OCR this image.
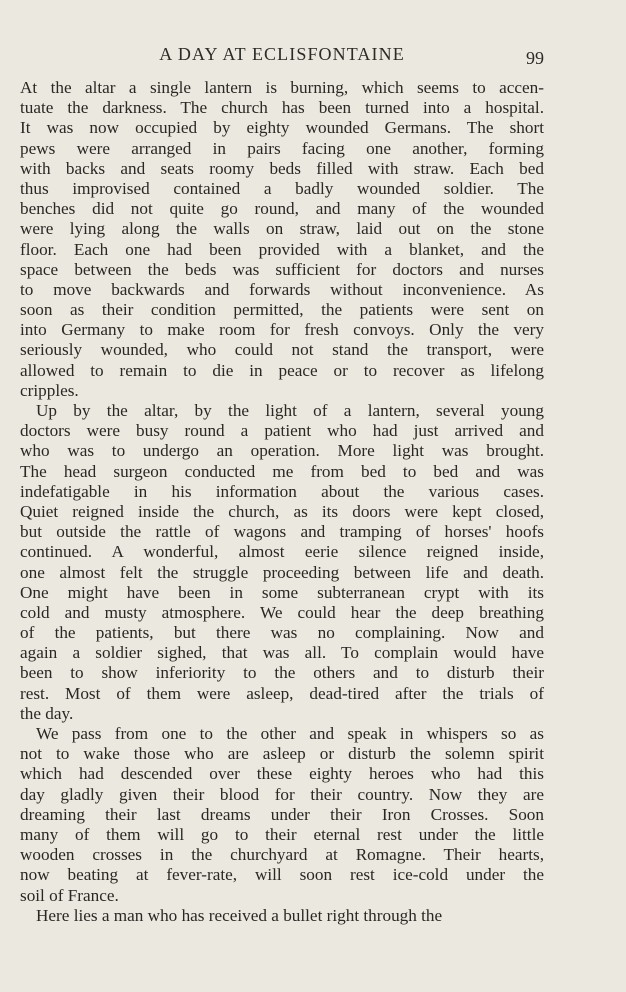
A DAY AT ECLISFONTAINE	99
At the altar a single lantern is burning, which seems to accen-
tuate the darkness. The church has been turned into a hospital.
It was now occupied by eighty wounded Germans. The short
pews were arranged in pairs facing one another, forming
with backs and seats roomy beds filled with straw. Each bed
thus improvised contained a badly wounded soldier. The
benches did not quite go round, and many of the wounded
were lying along the walls on straw, laid out on the stone
floor. Each one had been provided with a blanket, and the
space between the beds was sufficient for doctors and nurses
to move backwards and forwards without inconvenience. As
soon as their condition permitted, the patients were sent on
into Germany to make room for fresh convoys. Only the very
seriously wounded, who could not stand the transport, were
allowed to remain to die in peace or to recover as lifelong
cripples.
Up by the altar, by the light of a lantern, several young
doctors were busy round a patient who had just arrived and
who was to undergo an operation. More light was brought.
The head surgeon conducted me from bed to bed and was
indefatigable in his information about the various cases.
Quiet reigned inside the church, as its doors were kept closed,
but outside the rattle of wagons and tramping of horses' hoofs
continued. A wonderful, almost eerie silence reigned inside,
one almost felt the struggle proceeding between life and death.
One might have been in some subterranean crypt with its
cold and musty atmosphere. We could hear the deep breathing
of the patients, but there was no complaining. Now and
again a soldier sighed, that was all. To complain would have
been to show inferiority to the others and to disturb their
rest. Most of them were asleep, dead-tired after the trials of
the day.
We pass from one to the other and speak in whispers so as
not to wake those who are asleep or disturb the solemn spirit
which had descended over these eighty heroes who had this
day gladly given their blood for their country. Now they are
dreaming their last dreams under their Iron Crosses. Soon
many of them will go to their eternal rest under the little
wooden crosses in the churchyard at Romagne. Their hearts,
now beating at fever-rate, will soon rest ice-cold under the
soil of France.
Here lies a man who has received a bullet right through the
